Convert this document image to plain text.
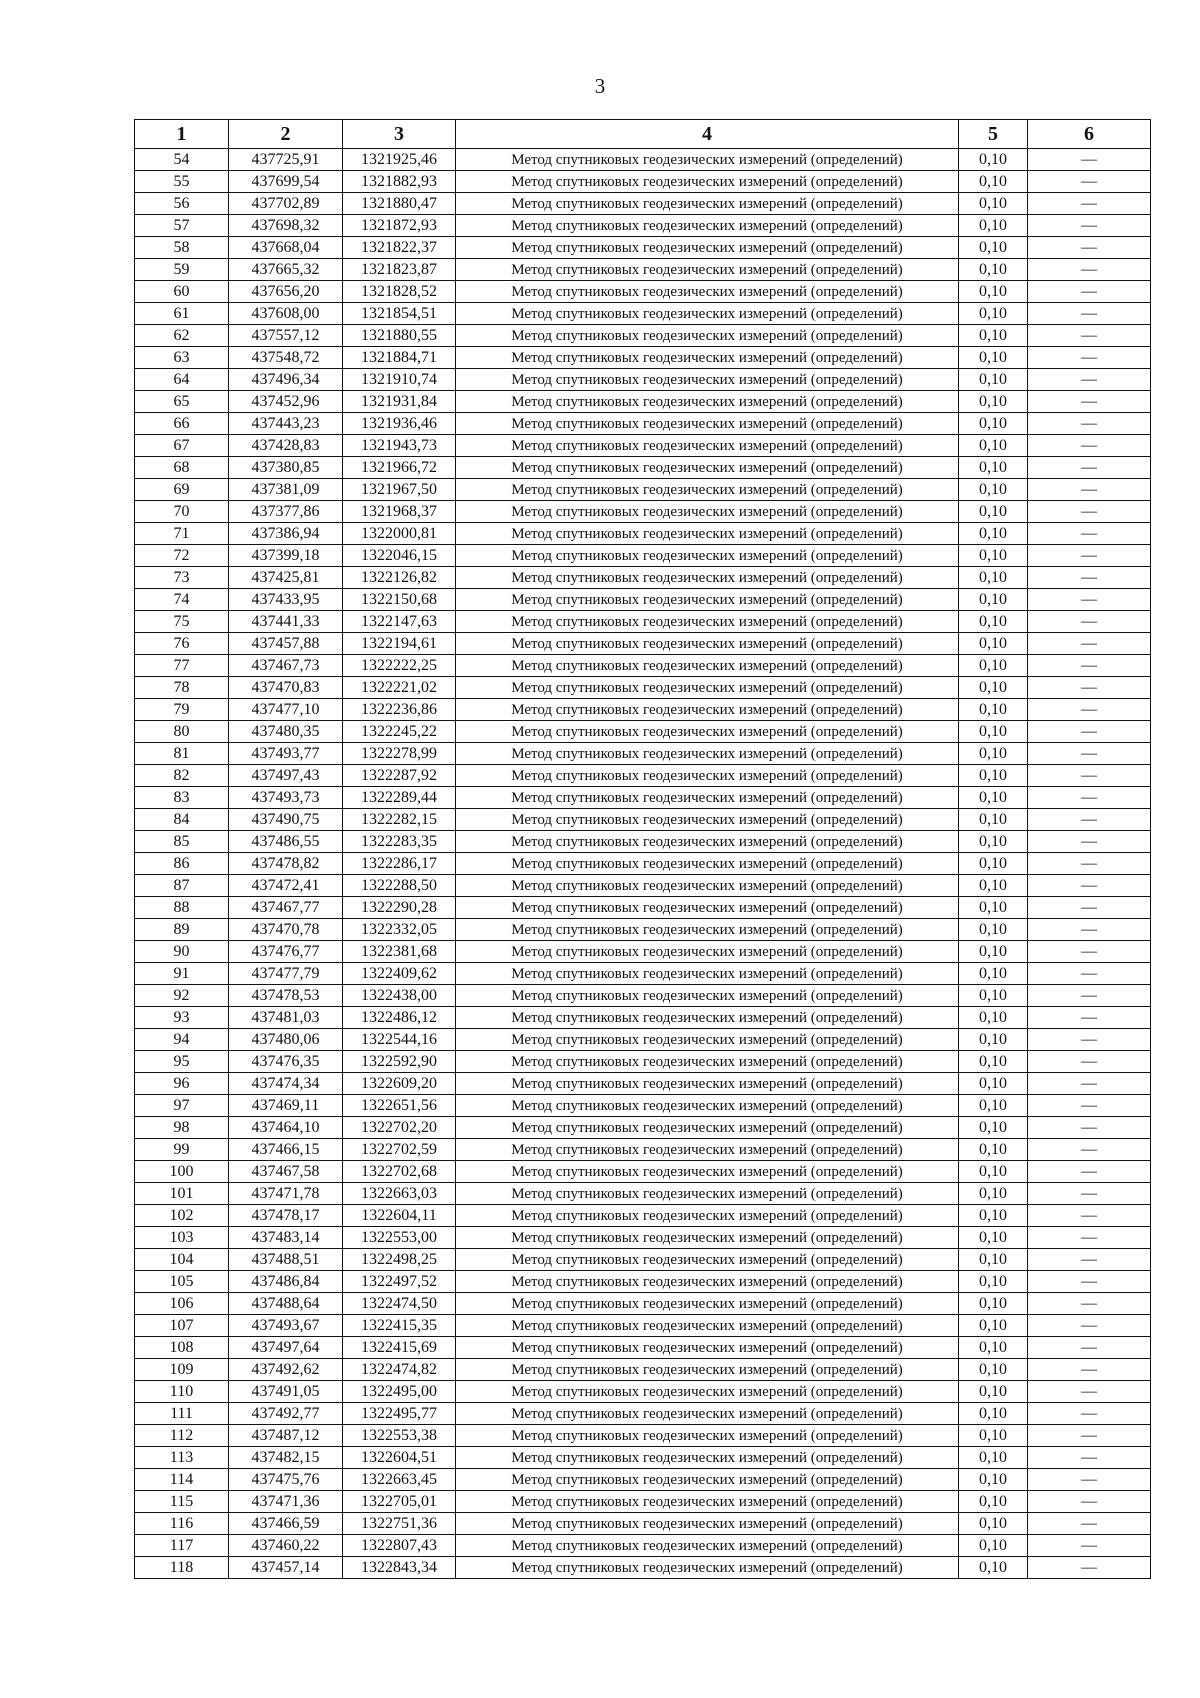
3
1	2	3	4	5	6
54	437725,91	1321925,46	Метод спутниковых геодезических измерений (определений)	0,10	—
55	437699,54	1321882,93	Метод спутниковых геодезических измерений (определений)	0,10	—
56	437702,89	1321880,47	Метод спутниковых геодезических измерений (определений)	0,10	—
57	437698,32	1321872,93	Метод спутниковых геодезических измерений (определений)	0,10	—
58	437668,04	1321822,37	Метод спутниковых геодезических измерений (определений)	0,10	—
59	437665,32	1321823,87	Метод спутниковых геодезических измерений (определений)	0,10	—
60	437656,20	1321828,52	Метод спутниковых геодезических измерений (определений)	0,10	—
61	437608,00	1321854,51	Метод спутниковых геодезических измерений (определений)	0,10	—
62	437557,12	1321880,55	Метод спутниковых геодезических измерений (определений)	0,10	—
63	437548,72	1321884,71	Метод спутниковых геодезических измерений (определений)	0,10	—
64	437496,34	1321910,74	Метод спутниковых геодезических измерений (определений)	0,10	—
65	437452,96	1321931,84	Метод спутниковых геодезических измерений (определений)	0,10	—
66	437443,23	1321936,46	Метод спутниковых геодезических измерений (определений)	0,10	—
67	437428,83	1321943,73	Метод спутниковых геодезических измерений (определений)	0,10	—
68	437380,85	1321966,72	Метод спутниковых геодезических измерений (определений)	0,10	—
69	437381,09	1321967,50	Метод спутниковых геодезических измерений (определений)	0,10	—
70	437377,86	1321968,37	Метод спутниковых геодезических измерений (определений)	0,10	—
71	437386,94	1322000,81	Метод спутниковых геодезических измерений (определений)	0,10	—
72	437399,18	1322046,15	Метод спутниковых геодезических измерений (определений)	0,10	—
73	437425,81	1322126,82	Метод спутниковых геодезических измерений (определений)	0,10	—
74	437433,95	1322150,68	Метод спутниковых геодезических измерений (определений)	0,10	—
75	437441,33	1322147,63	Метод спутниковых геодезических измерений (определений)	0,10	—
76	437457,88	1322194,61	Метод спутниковых геодезических измерений (определений)	0,10	—
77	437467,73	1322222,25	Метод спутниковых геодезических измерений (определений)	0,10	—
78	437470,83	1322221,02	Метод спутниковых геодезических измерений (определений)	0,10	—
79	437477,10	1322236,86	Метод спутниковых геодезических измерений (определений)	0,10	—
80	437480,35	1322245,22	Метод спутниковых геодезических измерений (определений)	0,10	—
81	437493,77	1322278,99	Метод спутниковых геодезических измерений (определений)	0,10	—
82	437497,43	1322287,92	Метод спутниковых геодезических измерений (определений)	0,10	—
83	437493,73	1322289,44	Метод спутниковых геодезических измерений (определений)	0,10	—
84	437490,75	1322282,15	Метод спутниковых геодезических измерений (определений)	0,10	—
85	437486,55	1322283,35	Метод спутниковых геодезических измерений (определений)	0,10	—
86	437478,82	1322286,17	Метод спутниковых геодезических измерений (определений)	0,10	—
87	437472,41	1322288,50	Метод спутниковых геодезических измерений (определений)	0,10	—
88	437467,77	1322290,28	Метод спутниковых геодезических измерений (определений)	0,10	—
89	437470,78	1322332,05	Метод спутниковых геодезических измерений (определений)	0,10	—
90	437476,77	1322381,68	Метод спутниковых геодезических измерений (определений)	0,10	—
91	437477,79	1322409,62	Метод спутниковых геодезических измерений (определений)	0,10	—
92	437478,53	1322438,00	Метод спутниковых геодезических измерений (определений)	0,10	—
93	437481,03	1322486,12	Метод спутниковых геодезических измерений (определений)	0,10	—
94	437480,06	1322544,16	Метод спутниковых геодезических измерений (определений)	0,10	—
95	437476,35	1322592,90	Метод спутниковых геодезических измерений (определений)	0,10	—
96	437474,34	1322609,20	Метод спутниковых геодезических измерений (определений)	0,10	—
97	437469,11	1322651,56	Метод спутниковых геодезических измерений (определений)	0,10	—
98	437464,10	1322702,20	Метод спутниковых геодезических измерений (определений)	0,10	—
99	437466,15	1322702,59	Метод спутниковых геодезических измерений (определений)	0,10	—
100	437467,58	1322702,68	Метод спутниковых геодезических измерений (определений)	0,10	—
101	437471,78	1322663,03	Метод спутниковых геодезических измерений (определений)	0,10	—
102	437478,17	1322604,11	Метод спутниковых геодезических измерений (определений)	0,10	—
103	437483,14	1322553,00	Метод спутниковых геодезических измерений (определений)	0,10	—
104	437488,51	1322498,25	Метод спутниковых геодезических измерений (определений)	0,10	—
105	437486,84	1322497,52	Метод спутниковых геодезических измерений (определений)	0,10	—
106	437488,64	1322474,50	Метод спутниковых геодезических измерений (определений)	0,10	—
107	437493,67	1322415,35	Метод спутниковых геодезических измерений (определений)	0,10	—
108	437497,64	1322415,69	Метод спутниковых геодезических измерений (определений)	0,10	—
109	437492,62	1322474,82	Метод спутниковых геодезических измерений (определений)	0,10	—
110	437491,05	1322495,00	Метод спутниковых геодезических измерений (определений)	0,10	—
111	437492,77	1322495,77	Метод спутниковых геодезических измерений (определений)	0,10	—
112	437487,12	1322553,38	Метод спутниковых геодезических измерений (определений)	0,10	—
113	437482,15	1322604,51	Метод спутниковых геодезических измерений (определений)	0,10	—
114	437475,76	1322663,45	Метод спутниковых геодезических измерений (определений)	0,10	—
115	437471,36	1322705,01	Метод спутниковых геодезических измерений (определений)	0,10	—
116	437466,59	1322751,36	Метод спутниковых геодезических измерений (определений)	0,10	—
117	437460,22	1322807,43	Метод спутниковых геодезических измерений (определений)	0,10	—
118	437457,14	1322843,34	Метод спутниковых геодезических измерений (определений)	0,10	—
